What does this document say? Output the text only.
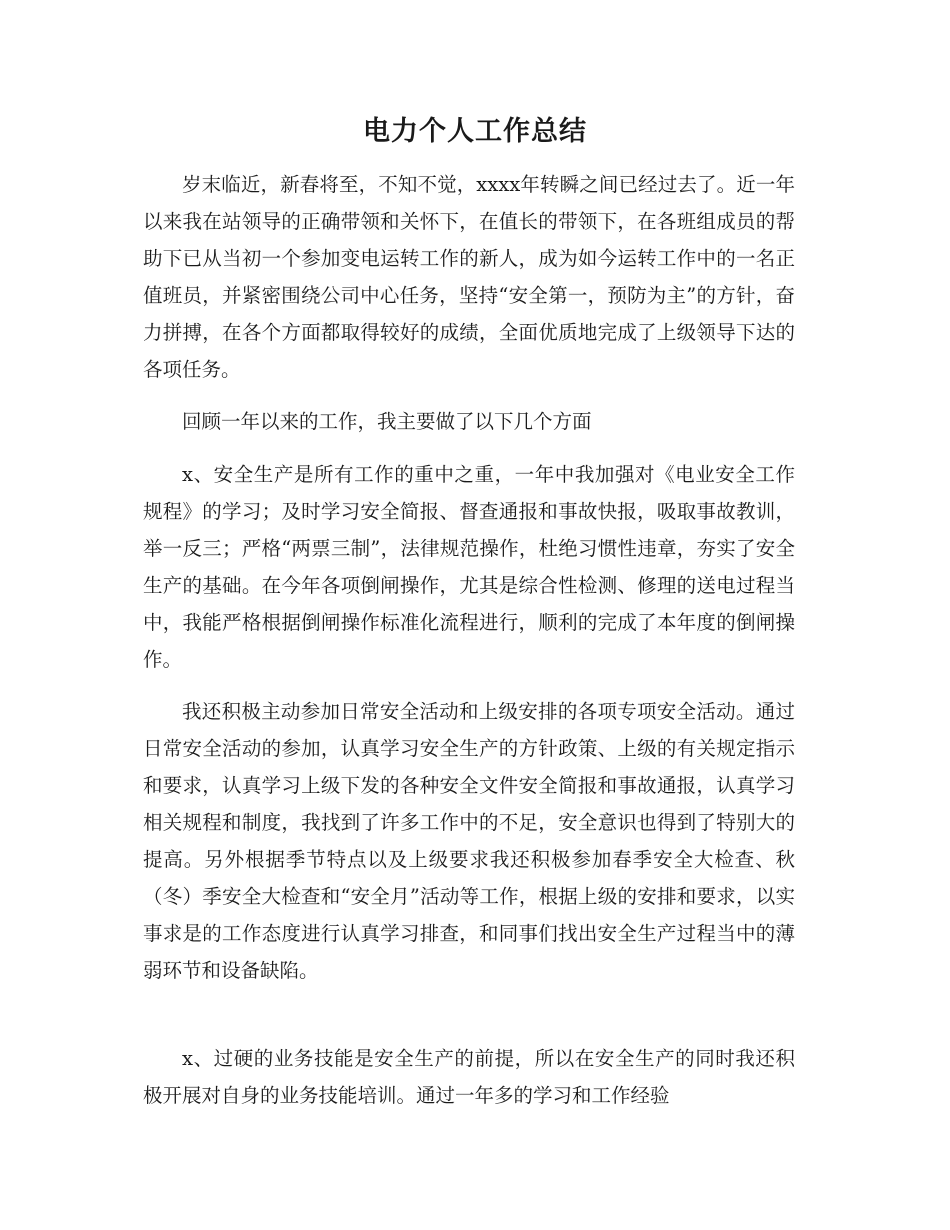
电力个人工作总结

岁末临近，新春将至，不知不觉，xxxx年转瞬之间已经过去了。近一年以来我在站领导的正确带领和关怀下，在值长的带领下，在各班组成员的帮助下已从当初一个参加变电运转工作的新人，成为如今运转工作中的一名正值班员，并紧密围绕公司中心任务，坚持“安全第一，预防为主”的方针，奋力拼搏，在各个方面都取得较好的成绩，全面优质地完成了上级领导下达的各项任务。

回顾一年以来的工作，我主要做了以下几个方面

x、安全生产是所有工作的重中之重，一年中我加强对《电业安全工作规程》的学习；及时学习安全简报、督查通报和事故快报，吸取事故教训，举一反三；严格“两票三制”，法律规范操作，杜绝习惯性违章，夯实了安全生产的基础。在今年各项倒闸操作，尤其是综合性检测、修理的送电过程当中，我能严格根据倒闸操作标准化流程进行，顺利的完成了本年度的倒闸操作。

我还积极主动参加日常安全活动和上级安排的各项专项安全活动。通过日常安全活动的参加，认真学习安全生产的方针政策、上级的有关规定指示和要求，认真学习上级下发的各种安全文件安全简报和事故通报，认真学习相关规程和制度，我找到了许多工作中的不足，安全意识也得到了特别大的提高。另外根据季节特点以及上级要求我还积极参加春季安全大检查、秋（冬）季安全大检查和“安全月”活动等工作，根据上级的安排和要求，以实事求是的工作态度进行认真学习排查，和同事们找出安全生产过程当中的薄弱环节和设备缺陷。

x、过硬的业务技能是安全生产的前提，所以在安全生产的同时我还积极开展对自身的业务技能培训。通过一年多的学习和工作经验
